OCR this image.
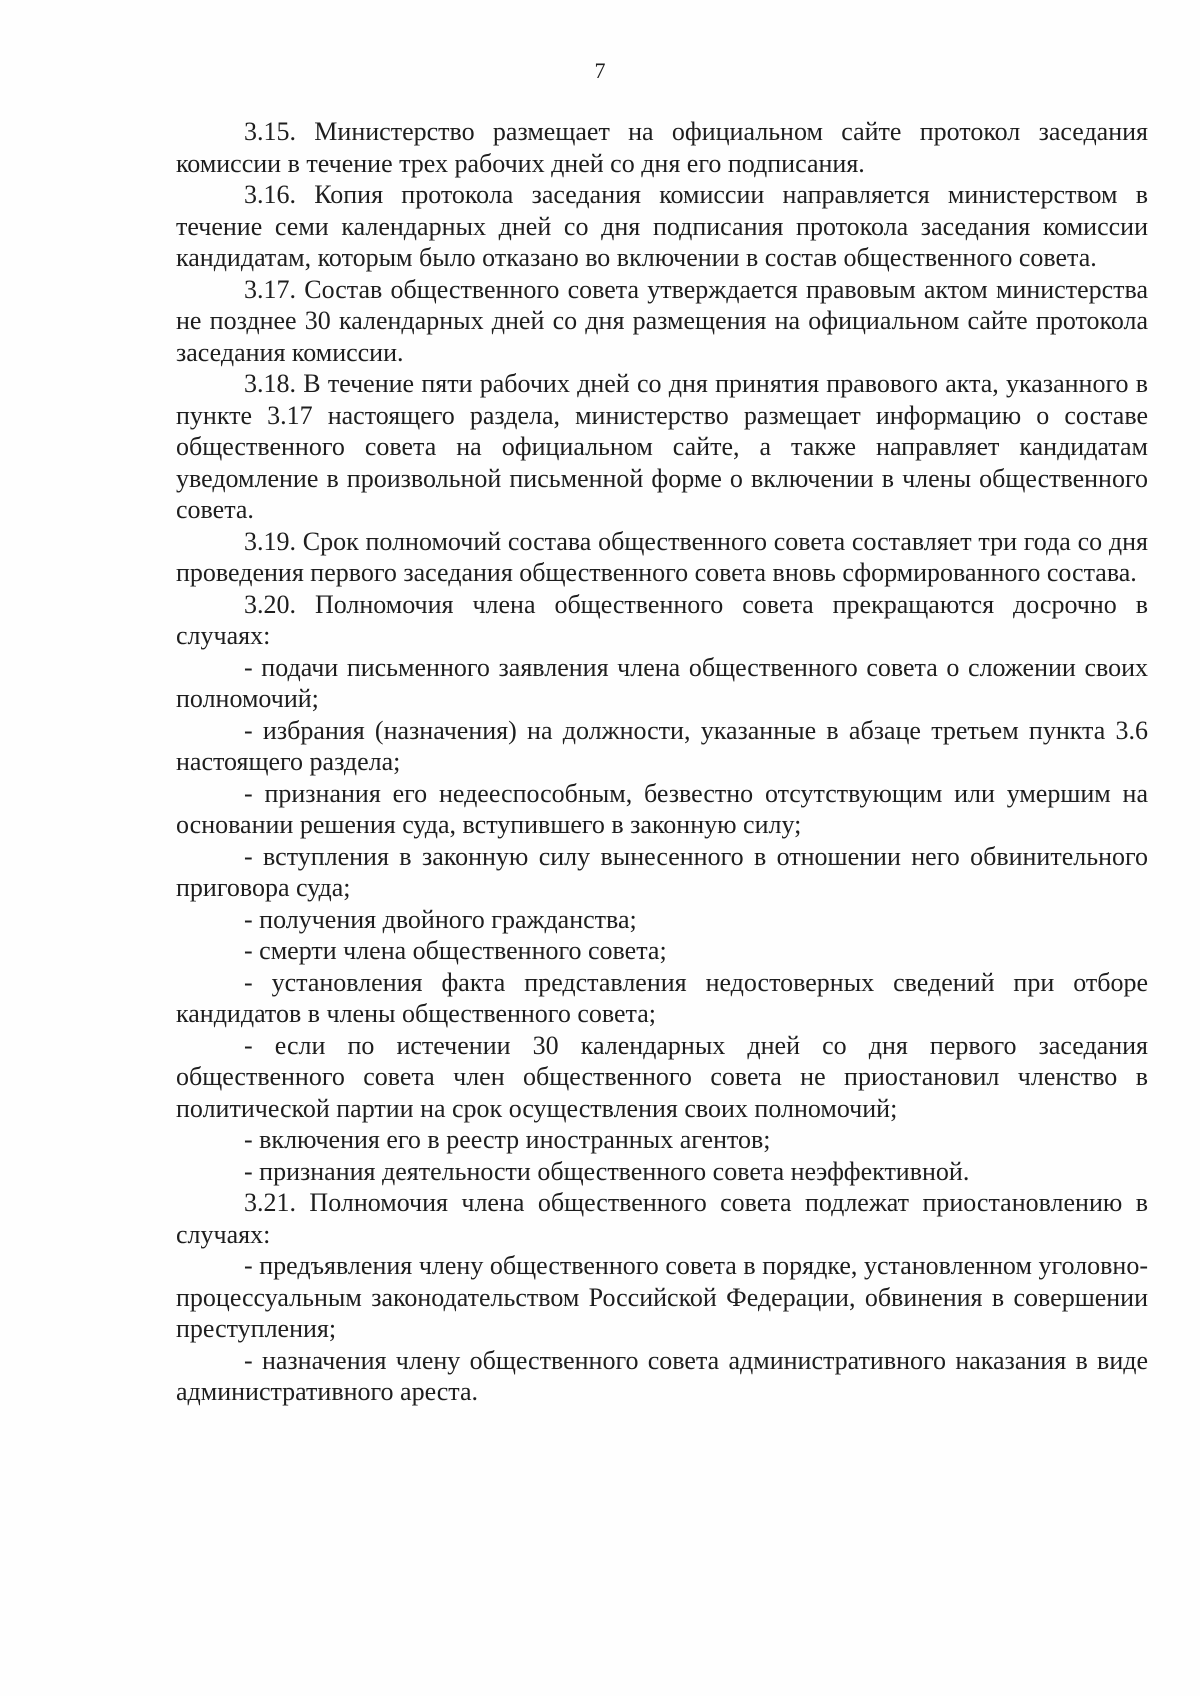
7

3.15. Министерство размещает на официальном сайте протокол заседания комиссии в течение трех рабочих дней со дня его подписания.

3.16. Копия протокола заседания комиссии направляется министерством в течение семи календарных дней со дня подписания протокола заседания комиссии кандидатам, которым было отказано во включении в состав общественного совета.

3.17. Состав общественного совета утверждается правовым актом министерства не позднее 30 календарных дней со дня размещения на официальном сайте протокола заседания комиссии.

3.18. В течение пяти рабочих дней со дня принятия правового акта, указанного в пункте 3.17 настоящего раздела, министерство размещает информацию о составе общественного совета на официальном сайте, а также направляет кандидатам уведомление в произвольной письменной форме о включении в члены общественного совета.

3.19. Срок полномочий состава общественного совета составляет три года со дня проведения первого заседания общественного совета вновь сформированного состава.

3.20. Полномочия члена общественного совета прекращаются досрочно в случаях:

- подачи письменного заявления члена общественного совета о сложении своих полномочий;

- избрания (назначения) на должности, указанные в абзаце третьем пункта 3.6 настоящего раздела;

- признания его недееспособным, безвестно отсутствующим или умершим на основании решения суда, вступившего в законную силу;

- вступления в законную силу вынесенного в отношении него обвинительного приговора суда;

- получения двойного гражданства;

- смерти члена общественного совета;

- установления факта представления недостоверных сведений при отборе кандидатов в члены общественного совета;

- если по истечении 30 календарных дней со дня первого заседания общественного совета член общественного совета не приостановил членство в политической партии на срок осуществления своих полномочий;

- включения его в реестр иностранных агентов;

- признания деятельности общественного совета неэффективной.

3.21. Полномочия члена общественного совета подлежат приостановлению в случаях:

- предъявления члену общественного совета в порядке, установленном уголовно-процессуальным законодательством Российской Федерации, обвинения в совершении преступления;

- назначения члену общественного совета административного наказания в виде административного ареста.
